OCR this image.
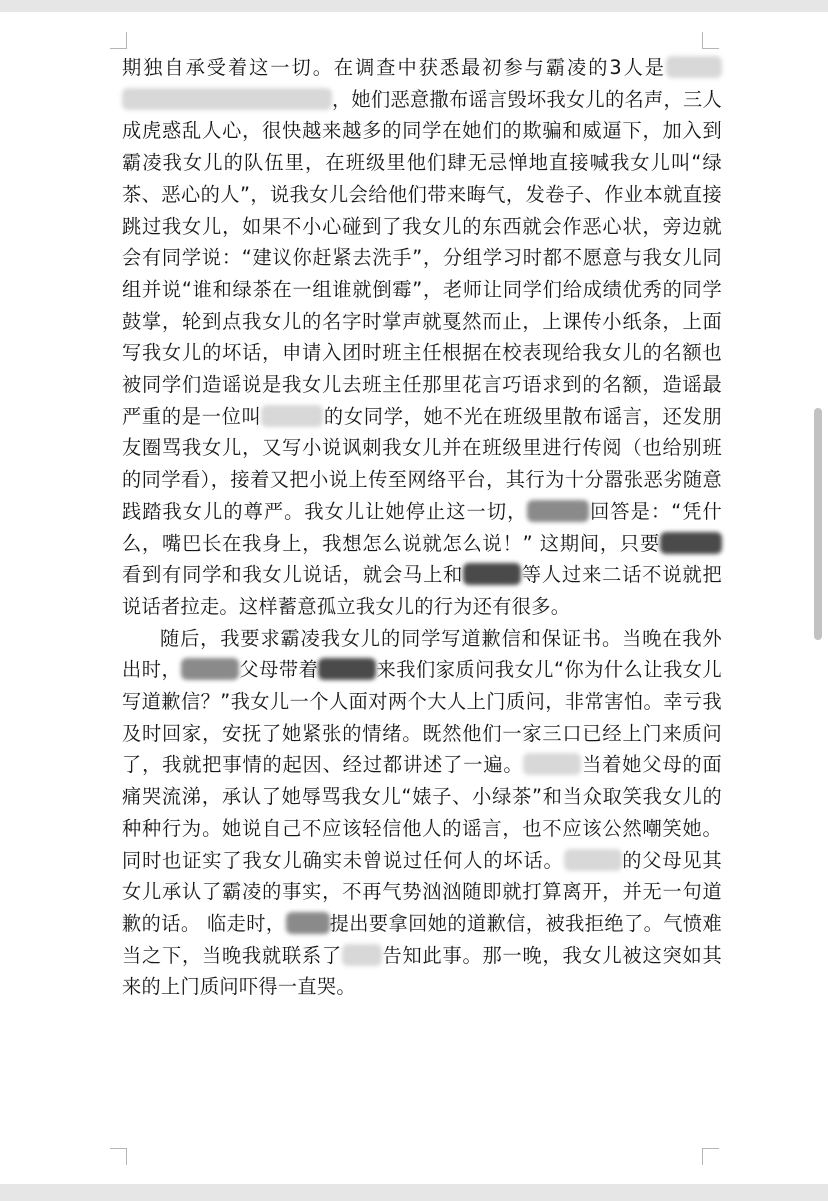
期独自承受着这一切。在调查中获悉最初参与霸凌的3人是，她们恶意撒布谣言毁坏我女儿的名声，三人成虎惑乱人心，很快越来越多的同学在她们的欺骗和威逼下，加入到霸凌我女儿的队伍里，在班级里他们肆无忌惮地直接喊我女儿叫“绿茶、恶心的人”，说我女儿会给他们带来晦气，发卷子、作业本就直接跳过我女儿，如果不小心碰到了我女儿的东西就会作恶心状，旁边就会有同学说：“建议你赶紧去洗手”，分组学习时都不愿意与我女儿同组并说“谁和绿茶在一组谁就倒霉”，老师让同学们给成绩优秀的同学鼓掌，轮到点我女儿的名字时掌声就戛然而止，上课传小纸条，上面写我女儿的坏话，申请入团时班主任根据在校表现给我女儿的名额也被同学们造谣说是我女儿去班主任那里花言巧语求到的名额，造谣最严重的是一位叫	的女同学，她不光在班级里散布谣言，还发朋友圈骂我女儿，又写小说讽刺我女儿并在班级里进行传阅（也给别班的同学看），接着又把小说上传至网络平台，其行为十分嚣张恶劣随意践踏我女儿的尊严。我女儿让她停止这一切，	回答是：“凭什么，嘴巴长在我身上，我想怎么说就怎么说！” 这期间，只要看到有同学和我女儿说话，就会马上和	等人过来二话不说就把说话者拉走。这样蓄意孤立我女儿的行为还有很多。

随后，我要求霸凌我女儿的同学写道歉信和保证书。当晚在我外出时，	父母带着	来我们家质问我女儿“你为什么让我女儿写道歉信？”我女儿一个人面对两个大人上门质问，非常害怕。幸亏我及时回家，安抚了她紧张的情绪。既然他们一家三口已经上门来质问了，我就把事情的起因、经过都讲述了一遍。	当着她父母的面痛哭流涕，承认了她辱骂我女儿“婊子、小绿茶”和当众取笑我女儿的种种行为。她说自己不应该轻信他人的谣言，也不应该公然嘲笑她。同时也证实了我女儿确实未曾说过任何人的坏话。	的父母见其女儿承认了霸凌的事实，不再气势汹汹随即就打算离开，并无一句道歉的话。 临走时， 提出要拿回她的道歉信，被我拒绝了。气愤难当之下，当晚我就联系了 告知此事。那一晚，我女儿被这突如其来的上门质问吓得一直哭。
